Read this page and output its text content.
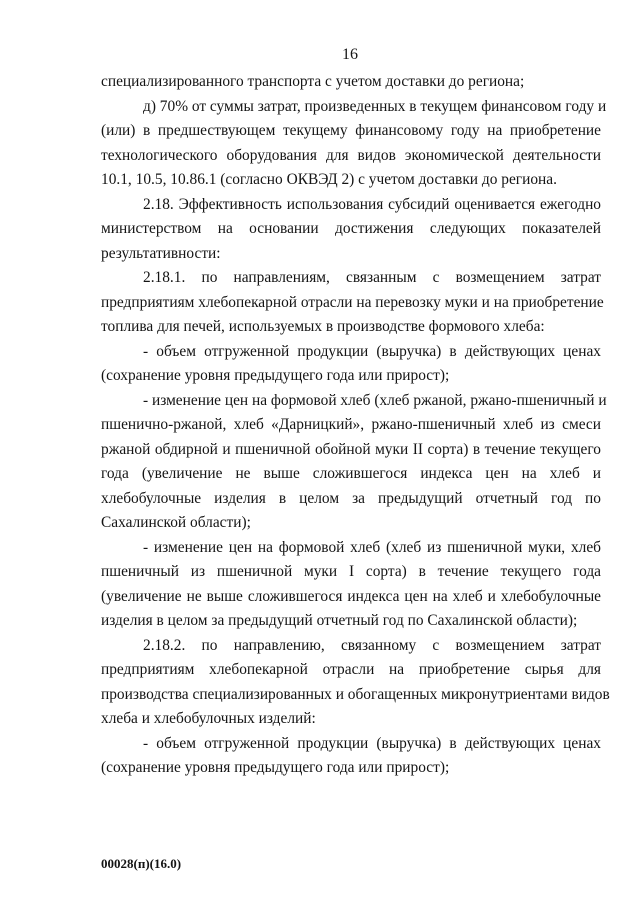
16
специализированного транспорта с учетом доставки до региона;
д) 70% от суммы затрат, произведенных в текущем финансовом году и
(или) в предшествующем текущему финансовому году на приобретение
технологического оборудования для видов экономической деятельности
10.1, 10.5, 10.86.1 (согласно ОКВЭД 2) с учетом доставки до региона.
2.18. Эффективность использования субсидий оценивается ежегодно
министерством на основании достижения следующих показателей
результативности:
2.18.1. по направлениям, связанным с возмещением затрат
предприятиям хлебопекарной отрасли на перевозку муки и на приобретение
топлива для печей, используемых в производстве формового хлеба:
- объем отгруженной продукции (выручка) в действующих ценах
(сохранение уровня предыдущего года или прирост);
- изменение цен на формовой хлеб (хлеб ржаной, ржано-пшеничный и
пшенично-ржаной, хлеб «Дарницкий», ржано-пшеничный хлеб из смеси
ржаной обдирной и пшеничной обойной муки II сорта) в течение текущего
года (увеличение не выше сложившегося индекса цен на хлеб и
хлебобулочные изделия в целом за предыдущий отчетный год по
Сахалинской области);
- изменение цен на формовой хлеб (хлеб из пшеничной муки, хлеб
пшеничный из пшеничной муки I сорта) в течение текущего года
(увеличение не выше сложившегося индекса цен на хлеб и хлебобулочные
изделия в целом за предыдущий отчетный год по Сахалинской области);
2.18.2. по направлению, связанному с возмещением затрат
предприятиям хлебопекарной отрасли на приобретение сырья для
производства специализированных и обогащенных микронутриентами видов
хлеба и хлебобулочных изделий:
- объем отгруженной продукции (выручка) в действующих ценах
(сохранение уровня предыдущего года или прирост);
00028(п)(16.0)
